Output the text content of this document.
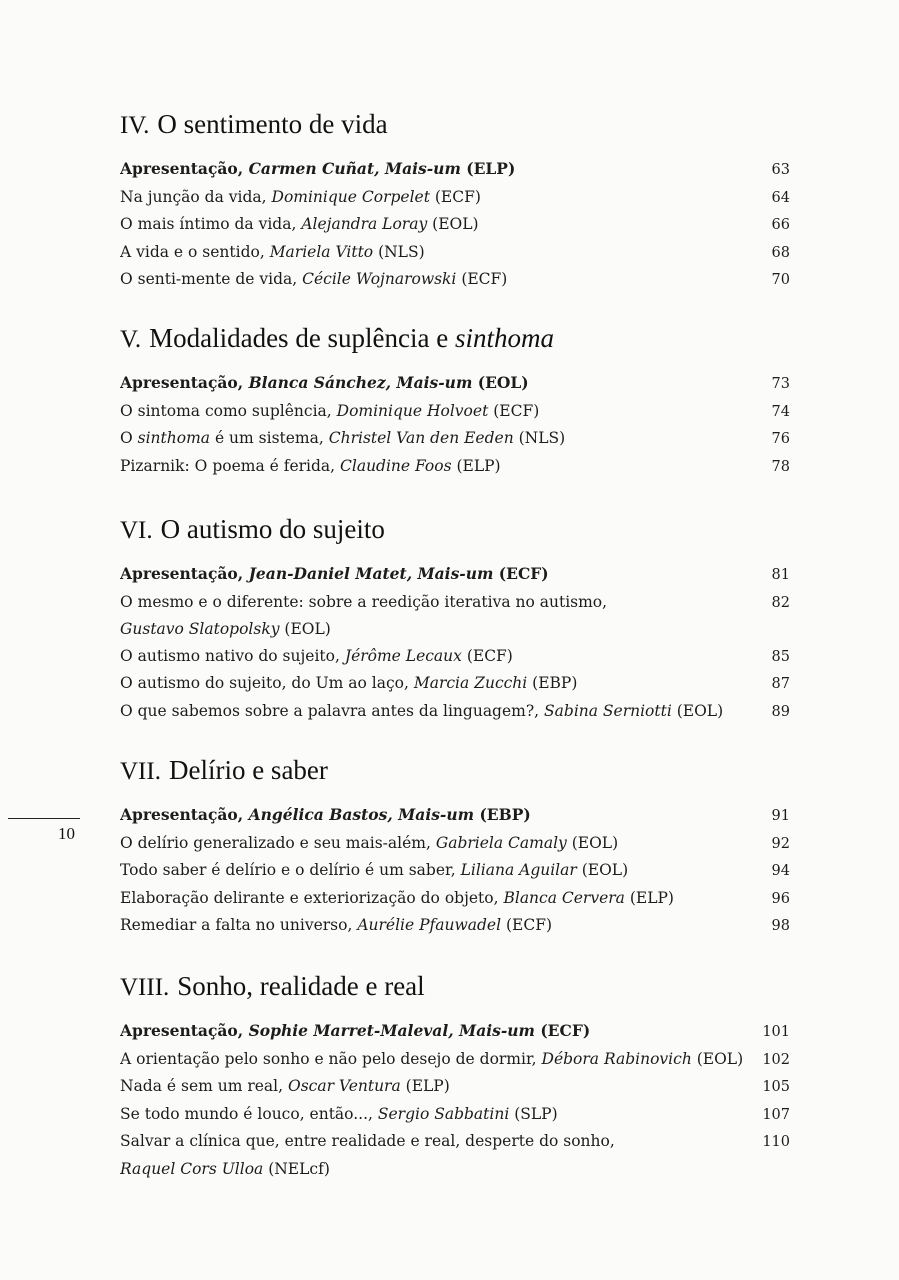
IV. O sentimento de vida
Apresentação, Carmen Cuñat, Mais-um (ELP)	63
Na junção da vida, Dominique Corpelet (ECF)	64
O mais íntimo da vida, Alejandra Loray (EOL)	66
A vida e o sentido, Mariela Vitto (NLS)	68
O senti-mente de vida, Cécile Wojnarowski (ECF)	70
V. Modalidades de suplência e sinthoma
Apresentação, Blanca Sánchez, Mais-um (EOL)	73
O sintoma como suplência, Dominique Holvoet (ECF)	74
O sinthoma é um sistema, Christel Van den Eeden (NLS)	76
Pizarnik: O poema é ferida, Claudine Foos (ELP)	78
VI. O autismo do sujeito
Apresentação, Jean-Daniel Matet, Mais-um (ECF)	81
O mesmo e o diferente: sobre a reedição iterativa no autismo,	82
Gustavo Slatopolsky (EOL)
O autismo nativo do sujeito, Jérôme Lecaux (ECF)	85
O autismo do sujeito, do Um ao laço, Marcia Zucchi (EBP)	87
O que sabemos sobre a palavra antes da linguagem?, Sabina Serniotti (EOL)	89
VII. Delírio e saber
Apresentação, Angélica Bastos, Mais-um (EBP)	91
O delírio generalizado e seu mais-além, Gabriela Camaly (EOL)	92
Todo saber é delírio e o delírio é um saber, Liliana Aguilar (EOL)	94
Elaboração delirante e exteriorização do objeto, Blanca Cervera (ELP)	96
Remediar a falta no universo, Aurélie Pfauwadel (ECF)	98
VIII. Sonho, realidade e real
Apresentação, Sophie Marret-Maleval, Mais-um (ECF)	101
A orientação pelo sonho e não pelo desejo de dormir, Débora Rabinovich (EOL)	102
Nada é sem um real, Oscar Ventura (ELP)	105
Se todo mundo é louco, então..., Sergio Sabbatini (SLP)	107
Salvar a clínica que, entre realidade e real, desperte do sonho,	110
Raquel Cors Ulloa (NELcf)
10
